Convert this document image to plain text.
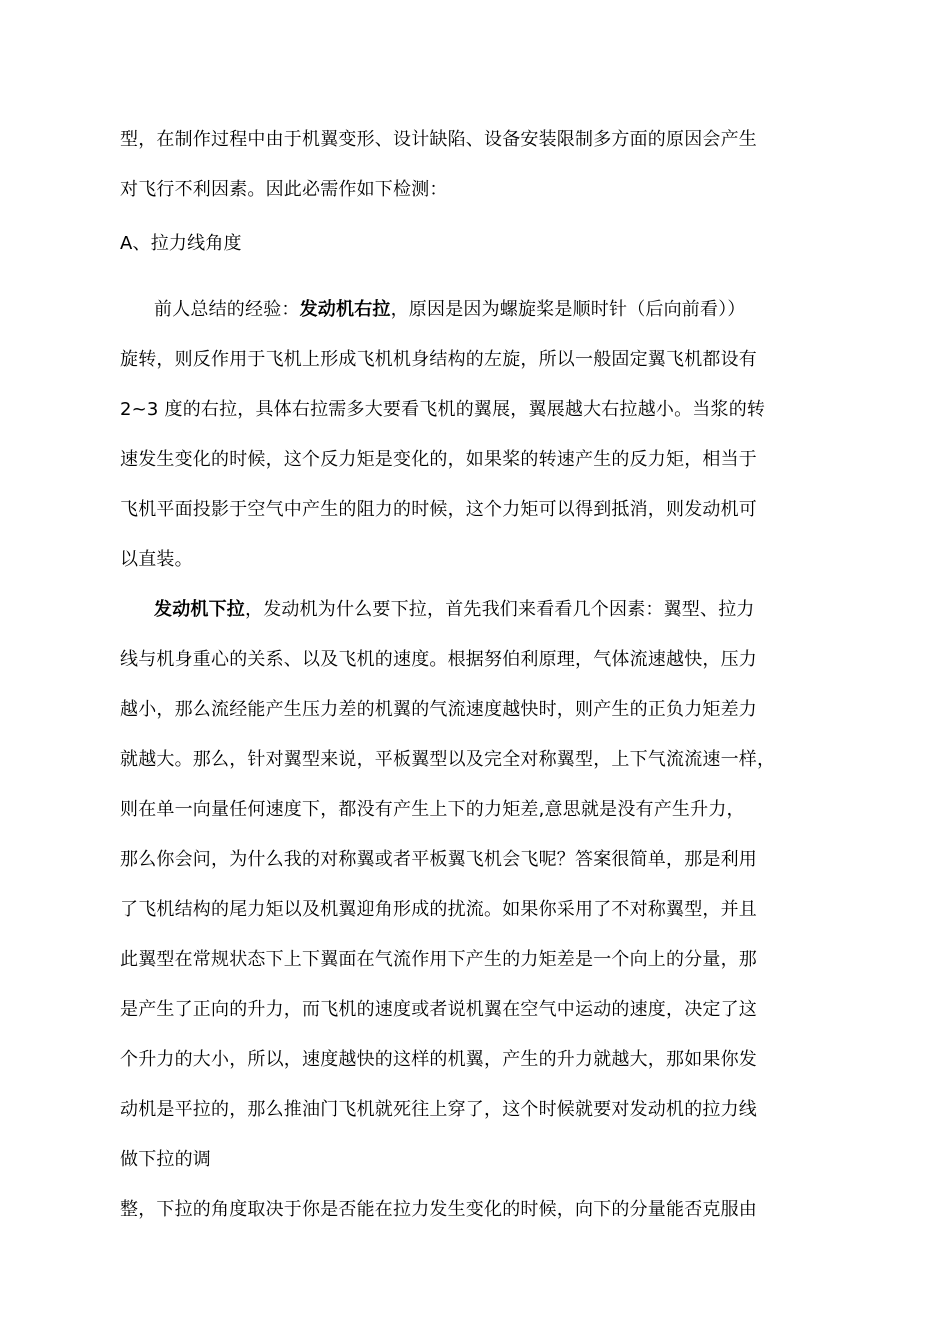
型，在制作过程中由于机翼变形、设计缺陷、设备安装限制多方面的原因会产生
对飞行不利因素。因此必需作如下检测：
A、拉力线角度
前人总结的经验：发动机右拉，原因是因为螺旋桨是顺时针（后向前看））
旋转，则反作用于飞机上形成飞机机身结构的左旋，所以一般固定翼飞机都设有
2~3 度的右拉，具体右拉需多大要看飞机的翼展，翼展越大右拉越小。当浆的转
速发生变化的时候，这个反力矩是变化的，如果桨的转速产生的反力矩，相当于
飞机平面投影于空气中产生的阻力的时候，这个力矩可以得到抵消，则发动机可
以直装。
发动机下拉，发动机为什么要下拉，首先我们来看看几个因素：翼型、拉力
线与机身重心的关系、以及飞机的速度。根据努伯利原理，气体流速越快，压力
越小，那么流经能产生压力差的机翼的气流速度越快时，则产生的正负力矩差力
就越大。那么，针对翼型来说，平板翼型以及完全对称翼型，上下气流流速一样，
则在单一向量任何速度下，都没有产生上下的力矩差,意思就是没有产生升力，
那么你会问，为什么我的对称翼或者平板翼飞机会飞呢？答案很简单，那是利用
了飞机结构的尾力矩以及机翼迎角形成的扰流。如果你采用了不对称翼型，并且
此翼型在常规状态下上下翼面在气流作用下产生的力矩差是一个向上的分量，那
是产生了正向的升力，而飞机的速度或者说机翼在空气中运动的速度，决定了这
个升力的大小，所以，速度越快的这样的机翼，产生的升力就越大，那如果你发
动机是平拉的，那么推油门飞机就死往上穿了，这个时候就要对发动机的拉力线
做下拉的调
整，下拉的角度取决于你是否能在拉力发生变化的时候，向下的分量能否克服由
